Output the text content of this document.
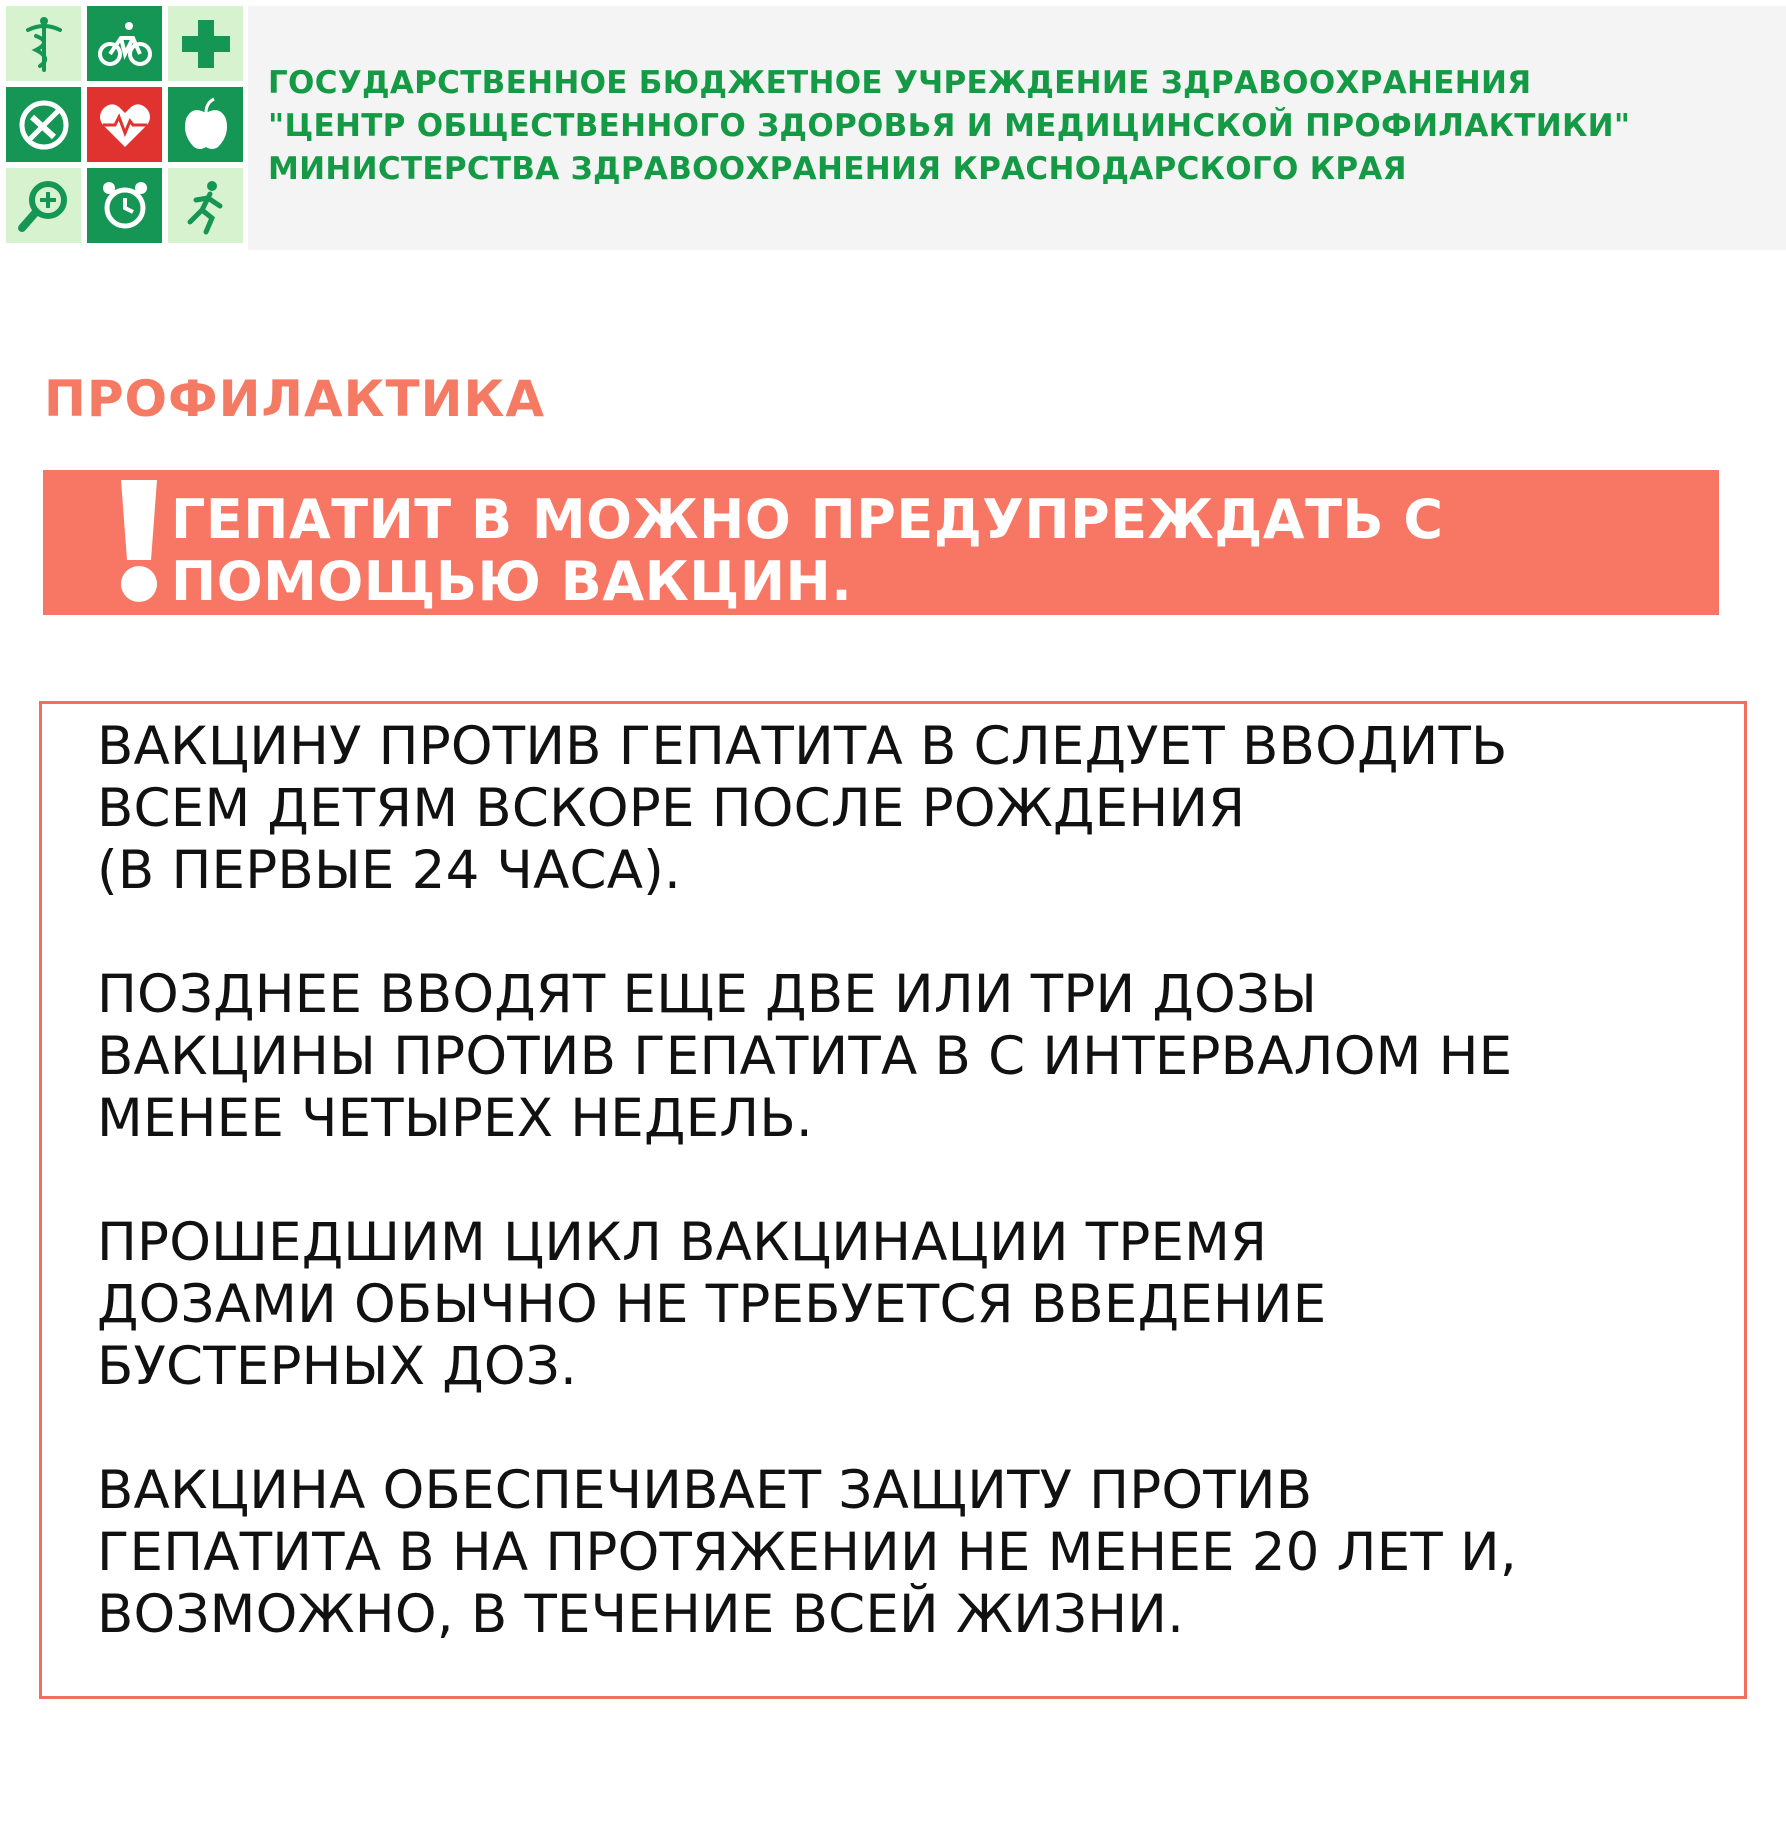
ГОСУДАРСТВЕННОЕ БЮДЖЕТНОЕ УЧРЕЖДЕНИЕ ЗДРАВООХРАНЕНИЯ
"ЦЕНТР ОБЩЕСТВЕННОГО ЗДОРОВЬЯ И МЕДИЦИНСКОЙ ПРОФИЛАКТИКИ"
МИНИСТЕРСТВА ЗДРАВООХРАНЕНИЯ КРАСНОДАРСКОГО КРАЯ
ПРОФИЛАКТИКА
ГЕПАТИТ В МОЖНО ПРЕДУПРЕЖДАТЬ С
ПОМОЩЬЮ ВАКЦИН.
ВАКЦИНУ ПРОТИВ ГЕПАТИТА В СЛЕДУЕТ ВВОДИТЬ
ВСЕМ ДЕТЯМ ВСКОРЕ ПОСЛЕ РОЖДЕНИЯ
(В ПЕРВЫЕ 24 ЧАСА).
ПОЗДНЕЕ ВВОДЯТ ЕЩЕ ДВЕ ИЛИ ТРИ ДОЗЫ
ВАКЦИНЫ ПРОТИВ ГЕПАТИТА В С ИНТЕРВАЛОМ НЕ
МЕНЕЕ ЧЕТЫРЕХ НЕДЕЛЬ.
ПРОШЕДШИМ ЦИКЛ ВАКЦИНАЦИИ ТРЕМЯ
ДОЗАМИ ОБЫЧНО НЕ ТРЕБУЕТСЯ ВВЕДЕНИЕ
БУСТЕРНЫХ ДОЗ.
ВАКЦИНА ОБЕСПЕЧИВАЕТ ЗАЩИТУ ПРОТИВ
ГЕПАТИТА В НА ПРОТЯЖЕНИИ НЕ МЕНЕЕ 20 ЛЕТ И,
ВОЗМОЖНО, В ТЕЧЕНИЕ ВСЕЙ ЖИЗНИ.
